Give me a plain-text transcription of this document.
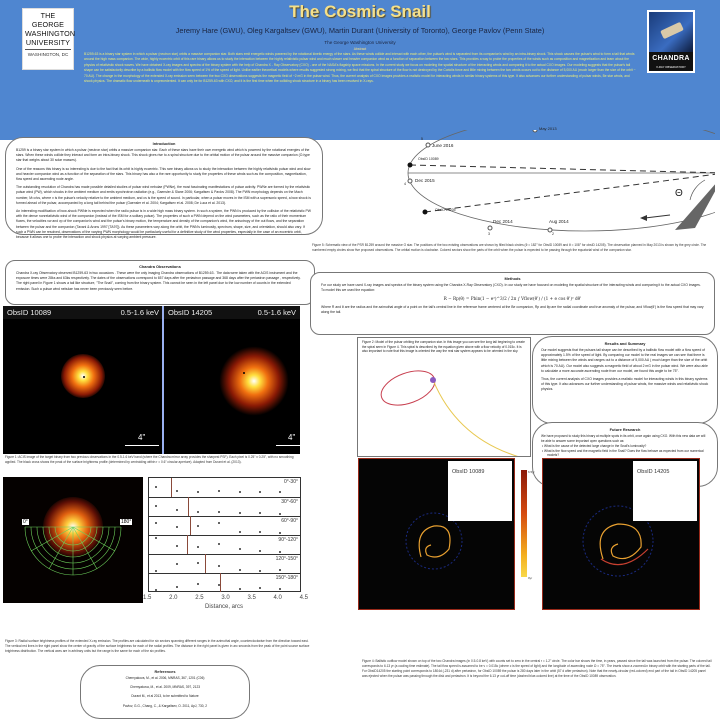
THE GEORGE
WASHINGTON
UNIVERSITY
WASHINGTON, DC
The Cosmic Snail
Jeremy Hare (GWU), Oleg Kargaltsev (GWU), Martin Durant (University of Toronto), George Pavlov (Penn State)
The George Washington University
Abstract
B1259-63 is a binary star system in which a pulsar (neutron star) orbits a massive companion star. Both stars emit energetic winds powered by the rotational kinetic energy of the stars. As these winds collide and interact with each other, the pulsar's wind is separated from its companion's wind by an intra-binary shock. This shock causes the pulsar's wind to form a tail that winds around the high mass companion. The wide, highly eccentric orbit of this rare binary allows us to study the interaction between the highly relativistic pulsar wind and much slower and heavier companion wind as a function of separation between the two stars. This provides a way to probe the properties of the winds such as composition and magnetization and learn about the physics of relativistic shock waves. We have obtained X-ray images and spectra of the binary system with the help of Chandra X - Ray Observatory (CXO) - one of the NASA's flagship space missions. In the current study we focus on modeling the spatial structure of the interacting winds and comparing it to the actual CXO images. Our modeling suggests that the pulsar's tail shape can be satisfactorily describe by a ballistic flow model with the flow speed of 1% of the speed of light. Unlike earlier theoretical models where results suggested strong mixing, we find that the spiral structure of the flow is not destroyed by the Coriolis force and little mixing between the two winds occurs out to the distance of 5,000 AU (much larger than the size of the orbit ~ 70 AU). The change in the morphology of the extended X-ray emission seen between the two CXO observations suggests the magnetic field of ~2 mG in the pulsar wind. Thus, the current analysis of CXO images provides a realistic model for interacting winds in similar binary systems of this type. It also advances our further understanding of pulsar winds, Be star winds, and shock physics. The dramatic flow underneath is unprecedented. It can only be for B1259-63 with CXO, and it is the first time when the colliding shock structure in a binary has been resolved in X-rays.
CHANDRA
X-RAY OBSERVATORY
Introduction

B1259 is a binary star system in which a pulsar (neutron star) orbits a massive companion star. Each of these stars have their own energetic wind which is powered by the rotational energies of the stars. When these winds collide they interact and form an intra-binary shock. This shock gives rise to a spiral structure due to the orbital motion of the pulsar around the massive companion (O-type star that weighs about 30 solar masses).

One of the reasons this binary is so interesting is due to the fact that its orbit is highly eccentric. This rare binary allows us to study the interaction between the highly relativistic pulsar wind and slow and heavier companion wind as a function of the separation of the stars. This binary has also a the rare opportunity to study the properties of these winds such as the composition, magnetization, flow speed and ascending node angle.

The outstanding resolution of Chandra has made possible detailed studies of pulsar wind nebulae (PWNe), the most fascinating manifestations of pulsar activity. PWNe are formed by the relativistic pulsar wind (PW), which shocks in the ambient medium and emits synchrotron radiation (e.g., Gaensler & Slane 2006; Kargaltsev & Pavlov 2008). The PWN morphology depends on the Mach number, M=v/cs, where v is the pulsar's velocity relative to the ambient medium, and cs is the speed of sound. In particular, when a pulsar moves in the ISM with a supersonic speed, a bow shock is formed ahead of the pulsar, accompanied by a long tail behind the pulsar (Gaensler et al. 2004; Kargaltsev et al. 2008; De Luca et al. 2013).

An interesting modification of bow-shock PWNe is expected when the radio pulsar is in a wide high mass binary system. In such a system, the PWN is produced by the collision of the relativistic PW with the dense nonrelativistic wind of the companion (instead of the ISM for a solitary pulsar). The properties of such a PWN depend on the wind parameters, such as the ratio of their momentum fluxes, the velocities vw and vp of the companion's wind and the pulsar's binary motion, the temperature and density of the companion's wind, the anisotropy of the out flows, and the separation between the pulsar and the companion (Tavani & Arons 1997 [TA97]). As these parameters vary along the orbit, the PWN's luminosity, spectrum, shape, size, and orientation, should also vary. If such a PWN can be resolved, observations of the varying PWN morphology would be particularly useful for a definitive study of the wind properties, especially in the case of an eccentric orbit, because it allows one to probe the interaction and shock physics at varying ambient pressure.

Chandra Observations

Chandra X-ray Observatory observed B1259-63 in two occasions . These were the only imaging Chandra observations of B1259-63 . The data were taken with the ACIS instrument and the exposure times were 28ks and 63ks respectively. The dates of the observations correspond to 657 days after the periastron passage and 368 days after the periastron passage , respectively. The right panel in Figure 1 shows a tail like structure, "The Snail", coming from the binary system. This cannot be seen in the left panel due to the low number of counts in the extended emission. Such a pulsar wind nebulae has never been previously seen before.

ObsID 10089	0.5-1.6 keV
4"
ObsID 14205	0.5-1.6 keV
4"
Figure 1: ACIS image of the target binary from two previous observations in the 0.5-1.6 keV band (where the Chandra mirror array provides the sharpest PSF). Each pixel is 0.25" x 0.25", with no smoothing applied. The black cross shows the peak of the surface brightness profile (determined by centroiding within r = 0.6" circular aperture). Adapted from Durant et al. (2013).
0°	180°
0°-30°
30°-60°
60°-90°
90°-120°
120°-150°
150°-180°
1.5	2.0	2.5	3.0	3.5	4.0	4.5
Distance, arcs
Figure 3: Radial surface brightness profiles of the extended X-ray emission. The profiles are calculated for six sectors spanning different ranges in the azimuthal angle, counterclockwise from the direction toward east. The vertical red lines in the right panel show the center of gravity of the surface brightness for each of the radial profiles. The distance in the right panel is given in arc seconds from the peak of the point source surface brightness distribution. The vertical axes are in arbitrary units but the range is the same for each of the six profiles.
References

Chernyakova, M., et al. 2006, MNRAS, 367, 1201 (C06)

Chernyakova, M., et al. 2009, MNRAS, 397, 2123

Durant M., et al 2013, to be submitted to Nature

Pavlov, G.G., Chang, C., & Kargaltsev, O. 2011, ApJ, 730, 2

May 2013
June 2016
5
ObsID 10089
Dec 2015
4
ObsID 14205
Dec 2014
3
Aug 2014
2
Θ
Figure 5: Schematic view of the PSR B1259 around the massive O star. The positions of the two existing observations are shown by filled black circles (θ = 182° for ObsID 10089 and θ = 108° for obsID 14205). The observation planned in May 2013 is shown by the grey circle. The numbered empty circles show five proposed observations. The orbital motion is clockwise. Colored sectors show the parts of the orbit when the pulsar is expected to be passing through the equatorial wind of the companion star.
Methods

For our study we have used X-ray images and spectra of the binary system using the Chandra X-Ray Observatory (CXO). In our study we have focused on modeling the spatial structure of the interacting winds and comparing it to the actual CXO images. To model this we used the equation:

R − Rp(θ) = Pbin(1 − e²)^3/2 / 2π ∫ Vflow(θ') / (1 + e cos θ')² dθ'

Where R and θ are the radius and the azimuthal angle of a point on the tail's central line in the reference frame centered at the Be companion, Rp and θp are the radial coordinate and true anomaly of the pulsar, and Vflow(θ') is the flow speed that may vary along the tail.

Figure 2: Model of the pulsar orbiting the companion star. In this image you can see the long tail beginning to create the spiral seen in Figure 4. This spiral is described by the equation given above with a flow velocity of 0.015c. It is also important to note that this image is oriented the way the real star system appears to be oriented in the sky.

Results and Summary

Our model suggests that the pulsars tail shape can be described by a ballistic flow model with a flow speed of approximately 1.5% of the speed of light. By comparing our model to the real images we can see that there is little mixing between the winds and ranges out to a distance of 5,000 AU ( much larger than the size of the orbit which is 70 AU). Our model also suggests a magnetic field of about 2 mG in the pulsar wind. We were also able to calculate a more accurate ascending node from our model, we found this angle to be 75°.

Thus, the current analysis of CXO images provides a realistic model for interacting winds in this binary systems of this type. It also advances our further understanding of pulsar winds, the massive winds and relativistic shock physics.

Future Research

We have proposed to study this binary at multiple spots in its orbit, once again using CXO. With this new data we will be able to answer some important open questions such as:

• What is the cause of the detected large change in the Snail's luminosity?
• What is the flow speed and the magnetic field in the Snail? Does the flow behave as expected from our numerical models?
ObsID 10089	6.5yr
0yr
ObsID 14205
Figure 4: Ballistic outflow model shown on top of the two Chandra images (in 0.5-0.8 keV) with counts set to zero in the central r = 1.2" circle. The color bar shows the time, in years, passed since the tail was launched from the pulsar. The colored tail corresponds to 6.13 yr (a cooling time estimate). The tail flow speed is assumed to be v = 0.015c (where c is the speed of light) and the longitude of ascending node Ω = 75°. The insets show a zoomed-in binary orbit with the starting parts of the tail. For ObsID14205 the starting point corresponds to 1804d (-231 d) after periastron, for ObsID 10089 the pulsar is 280 days later in the orbit (57 d after periastron). Note that the nearly-circular (red-colored) end part of the tail in ObsID 14205 panel was ejected when the pulsar was passing through the disk and periastron. It is beyond the 6.13 yr cut-off time (dashed blue-colored line) at the time of the ObsID 10089 observation.
